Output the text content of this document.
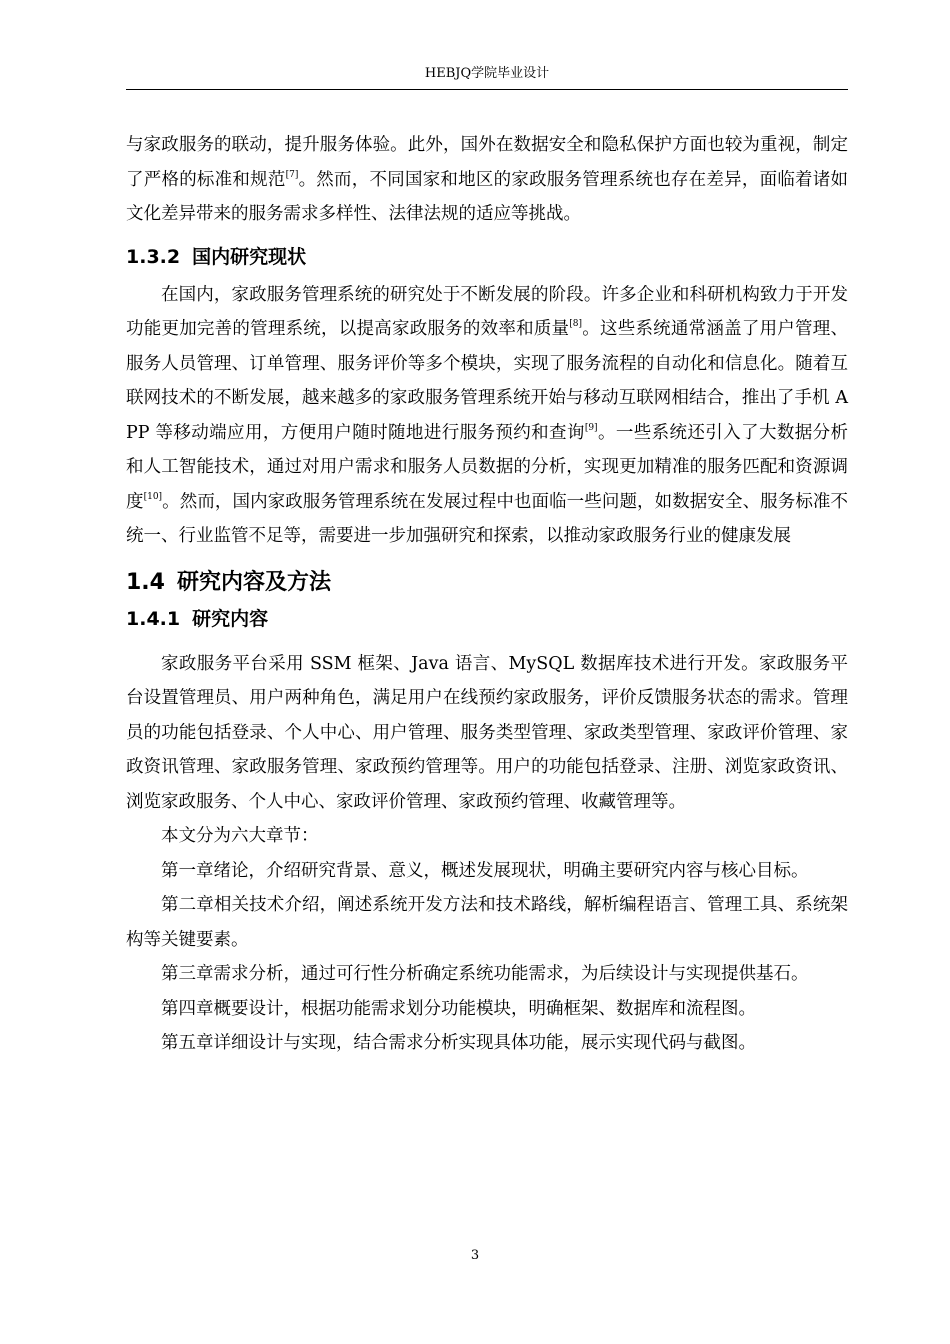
HEBJQ学院毕业设计

与家政服务的联动，提升服务体验。此外，国外在数据安全和隐私保护方面也较为重视，制定了严格的标准和规范[7]。然而，不同国家和地区的家政服务管理系统也存在差异，面临着诸如文化差异带来的服务需求多样性、法律法规的适应等挑战。

1.3.2 国内研究现状

在国内，家政服务管理系统的研究处于不断发展的阶段。许多企业和科研机构致力于开发功能更加完善的管理系统，以提高家政服务的效率和质量[8]。这些系统通常涵盖了用户管理、服务人员管理、订单管理、服务评价等多个模块，实现了服务流程的自动化和信息化。随着互联网技术的不断发展，越来越多的家政服务管理系统开始与移动互联网相结合，推出了手机 APP 等移动端应用，方便用户随时随地进行服务预约和查询[9]。一些系统还引入了大数据分析和人工智能技术，通过对用户需求和服务人员数据的分析，实现更加精准的服务匹配和资源调度[10]。然而，国内家政服务管理系统在发展过程中也面临一些问题，如数据安全、服务标准不统一、行业监管不足等，需要进一步加强研究和探索，以推动家政服务行业的健康发展

1.4 研究内容及方法
1.4.1 研究内容

家政服务平台采用 SSM 框架、Java 语言、MySQL 数据库技术进行开发。家政服务平台设置管理员、用户两种角色，满足用户在线预约家政服务，评价反馈服务状态的需求。管理员的功能包括登录、个人中心、用户管理、服务类型管理、家政类型管理、家政评价管理、家政资讯管理、家政服务管理、家政预约管理等。用户的功能包括登录、注册、浏览家政资讯、浏览家政服务、个人中心、家政评价管理、家政预约管理、收藏管理等。

本文分为六大章节：

第一章绪论，介绍研究背景、意义，概述发展现状，明确主要研究内容与核心目标。

第二章相关技术介绍，阐述系统开发方法和技术路线，解析编程语言、管理工具、系统架构等关键要素。

第三章需求分析，通过可行性分析确定系统功能需求，为后续设计与实现提供基石。

第四章概要设计，根据功能需求划分功能模块，明确框架、数据库和流程图。

第五章详细设计与实现，结合需求分析实现具体功能，展示实现代码与截图。

3
